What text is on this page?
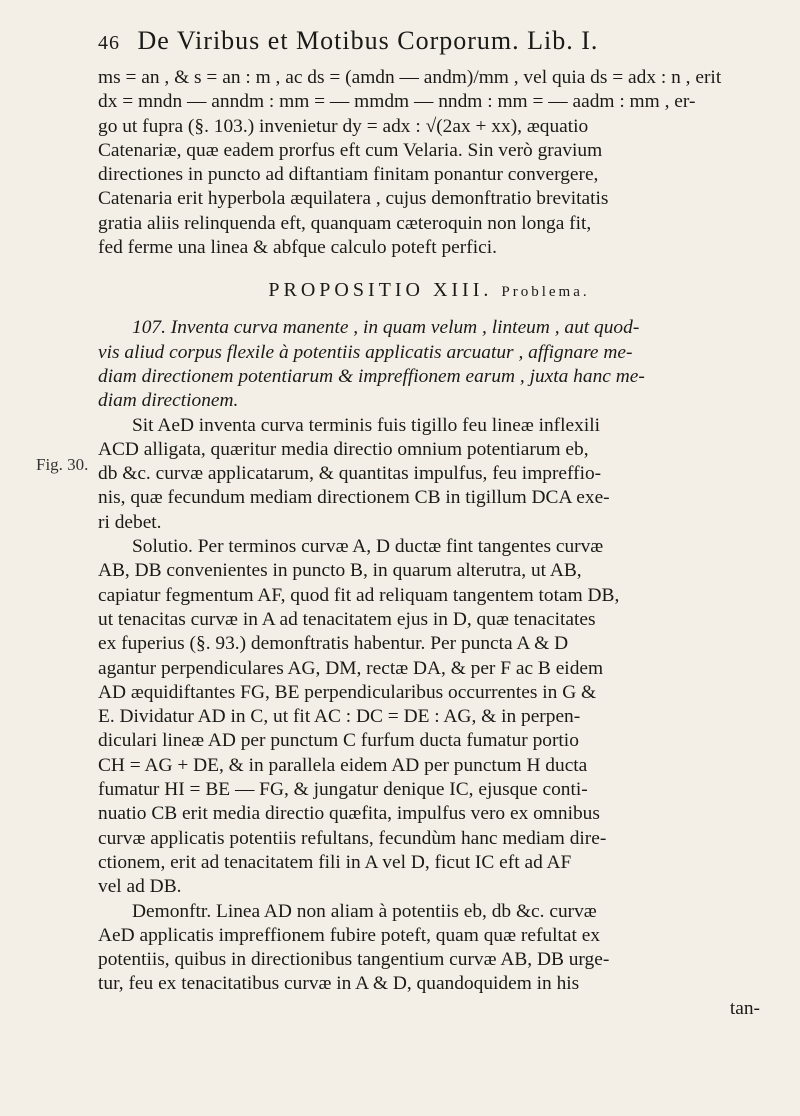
46 De Viribus et Motibus Corporum. Lib. I.
Fig. 30.
ms = an , & s = an : m , ac ds = (amdn — andm)/mm , vel quia ds = adx : n , erit
dx = mndn — anndm : mm = — mmdm — nndm : mm = — aadm : mm , er-
go ut fupra (§. 103.) invenietur dy = adx : √(2ax + xx), æquatio
Catenariæ, quæ eadem prorfus eft cum Velaria. Sin verò gravium
directiones in puncto ad diftantiam finitam ponantur convergere,
Catenaria erit hyperbola æquilatera , cujus demonftratio brevitatis
gratia aliis relinquenda eft, quanquam cæteroquin non longa fit,
fed ferme una linea & abfque calculo poteft perfici.
PROPOSITIO XIII. Problema.
107. Inventa curva manente , in quam velum , linteum , aut quod-
vis aliud corpus flexile à potentiis applicatis arcuatur , affignare me-
diam directionem potentiarum & impreffionem earum , juxta hanc me-
diam directionem.
Sit AeD inventa curva terminis fuis tigillo feu lineæ inflexili
ACD alligata, quæritur media directio omnium potentiarum eb,
db &c. curvæ applicatarum, & quantitas impulfus, feu impreffio-
nis, quæ fecundum mediam directionem CB in tigillum DCA exe-
ri debet.
Solutio. Per terminos curvæ A, D ductæ fint tangentes curvæ
AB, DB convenientes in puncto B, in quarum alterutra, ut AB,
capiatur fegmentum AF, quod fit ad reliquam tangentem totam DB,
ut tenacitas curvæ in A ad tenacitatem ejus in D, quæ tenacitates
ex fuperius (§. 93.) demonftratis habentur. Per puncta A & D
agantur perpendiculares AG, DM, rectæ DA, & per F ac B eidem
AD æquidiftantes FG, BE perpendicularibus occurrentes in G &
E. Dividatur AD in C, ut fit AC : DC = DE : AG, & in perpen-
diculari lineæ AD per punctum C furfum ducta fumatur portio
CH = AG + DE, & in parallela eidem AD per punctum H ducta
fumatur HI = BE — FG, & jungatur denique IC, ejusque conti-
nuatio CB erit media directio quæfita, impulfus vero ex omnibus
curvæ applicatis potentiis refultans, fecundùm hanc mediam dire-
ctionem, erit ad tenacitatem fili in A vel D, ficut IC eft ad AF
vel ad DB.
Demonftr. Linea AD non aliam à potentiis eb, db &c. curvæ
AeD applicatis impreffionem fubire poteft, quam quæ refultat ex
potentiis, quibus in directionibus tangentium curvæ AB, DB urge-
tur, feu ex tenacitatibus curvæ in A & D, quandoquidem in his
tan-
